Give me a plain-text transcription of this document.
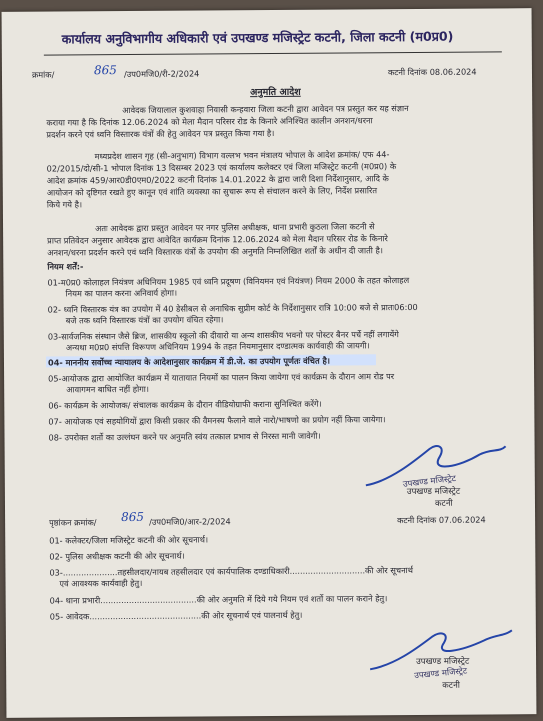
कार्यालय अनुविभागीय अधिकारी एवं उपखण्ड मजिस्ट्रेट कटनी, जिला कटनी (म0प्र0)
क्रमांक/	865 /उप0मजि0/री-2/2024	कटनी दिनांक 08.06.2024
अनुमति आदेश
आवेदक जियालाल कुशवाहा निवासी कन्हवारा जिला कटनी द्वारा आवेदन पत्र प्रस्तुत कर यह संज्ञान
कराया गया है कि दिनांक 12.06.2024 को मेला मैदान परिसर रोड के किनारे अनिश्चित कालीन अनशन/धरना
प्रदर्शन करने एवं ध्वनि विस्तारक यंत्रों की हेतु आवेदन पत्र प्रस्तुत किया गया है।
मध्यप्रदेश शासन गृह (सी-अनुभाग) विभाग वल्लभ भवन मंत्रालय भोपाल के आदेश क्रमांक/ एफ 44-
02/2015/दो/सी-1 भोपाल दिनांक 13 दिसम्बर 2023 एवं कार्यालय कलेक्टर एवं जिला मजिस्ट्रेट कटनी (म0प्र0) के
आदेश क्रमांक 459/आर0डी0एम0/2022 कटनी दिनांक 14.01.2022 के द्वारा जारी दिशा निर्देशानुसार, आदि के
आयोजन को दृष्टिगत रखते हुए कानून एवं शांति व्यवस्था का सुचारू रूप से संचालन करने के लिए, निर्देश प्रसारित
किये गये है।
अतः आवेदक द्वारा प्रस्तुत आवेदन पर नगर पुलिस अधीक्षक, थाना प्रभारी कुठला जिला कटनी से
प्राप्त प्रतिवेदन अनुसार आवेदक द्वारा आवेदित कार्यक्रम दिनांक 12.06.2024 को मेला मैदान परिसर रोड के किनारे
अनशन/धरना प्रदर्शन करने एवं ध्वनि विस्तारक यंत्रों के उपयोग की अनुमति निम्नलिखित शर्तों के अधीन दी जाती है।
नियम शर्तें:-
01-म0प्र0 कोलाहल नियंत्रण अधिनियम 1985 एवं ध्वनि प्रदूषण (विनियमन एवं नियंत्रण) नियम 2000 के तहत कोलाहल
नियम का पालन करना अनिवार्य होगा।
02- ध्वनि विस्तारक यंत्र का उपयोग में 40 डेसीबल से अनाधिक सुप्रीम कोर्ट के निर्देशानुसार रात्रि 10:00 बजे से प्रातः06:00
बजे तक ध्वनि विस्तारक यंत्रों का उपयोग वंचित रहेगा।
03-सार्वजनिक संस्थान जैसे ब्रिज, शासकीय स्कूलो की दीवारो या अन्य शासकीय भवनो पर पोस्टर बैनर पर्चे नहीं लगायेंगे
अन्यथा म0प्र0 संपत्ति विरूपण अधिनियम 1994 के तहत नियमानुसार दण्डात्मक कार्यवाही की जायगी।
04- माननीय सर्वोच्च न्यायालय के आदेशानुसार कार्यक्रम में डी.जे. का उपयोग पूर्णतः वंचित है।
05-आयोजक द्वारा आयोजित कार्यक्रम में यातायात नियमों का पालन किया जायेगा एवं कार्यक्रम के दौरान आम रोड पर
आवागमन बाधित नहीं होगा।
06- कार्यक्रम के आयोजक/ संचालक कार्यक्रम के दौरान वीडियोग्राफी कराना सुनिश्चित करेंगे।
07- आयोजक एवं सहयोगियों द्वारा किसी प्रकार की वैमनस्य फैलाने वाले नारो/भाषणो का प्रयोग नहीं किया जायेगा।
08- उपरोक्त शर्तो का उल्लंघन करने पर अनुमति स्वंय तत्काल प्रभाव से निरस्त मानी जावेगी।
उपखण्ड मजिस्ट्रेट
उपखण्ड मजिस्ट्रेट
कटनी
पृष्ठांकन क्रमांक/ 865 /उप0मजि0/आर-2/2024	कटनी दिनांक 07.06.2024
01- कलेक्टर/जिला मजिस्ट्रेट कटनी की ओर सूचनार्थ।
02- पुलिस अधीक्षक कटनी की ओर सूचनार्थ।
03-.....................तहसीलदार/नायब तहसीलदार एवं कार्यपालिक दण्डाधिकारी.............................की ओर सूचनार्थ
एवं आवश्यक कार्यवाही हेतु।
04- थाना प्रभारी.....................................की ओर अनुमति में दिये गये नियम एवं शर्तो का पालन कराने हेतु।
05- आवेदक...........................................की ओर सूचनार्थ एवं पालनार्थ हेतु।
उपखण्ड मजिस्ट्रेट
उपखण्ड मजिस्ट्रेट
कटनी
